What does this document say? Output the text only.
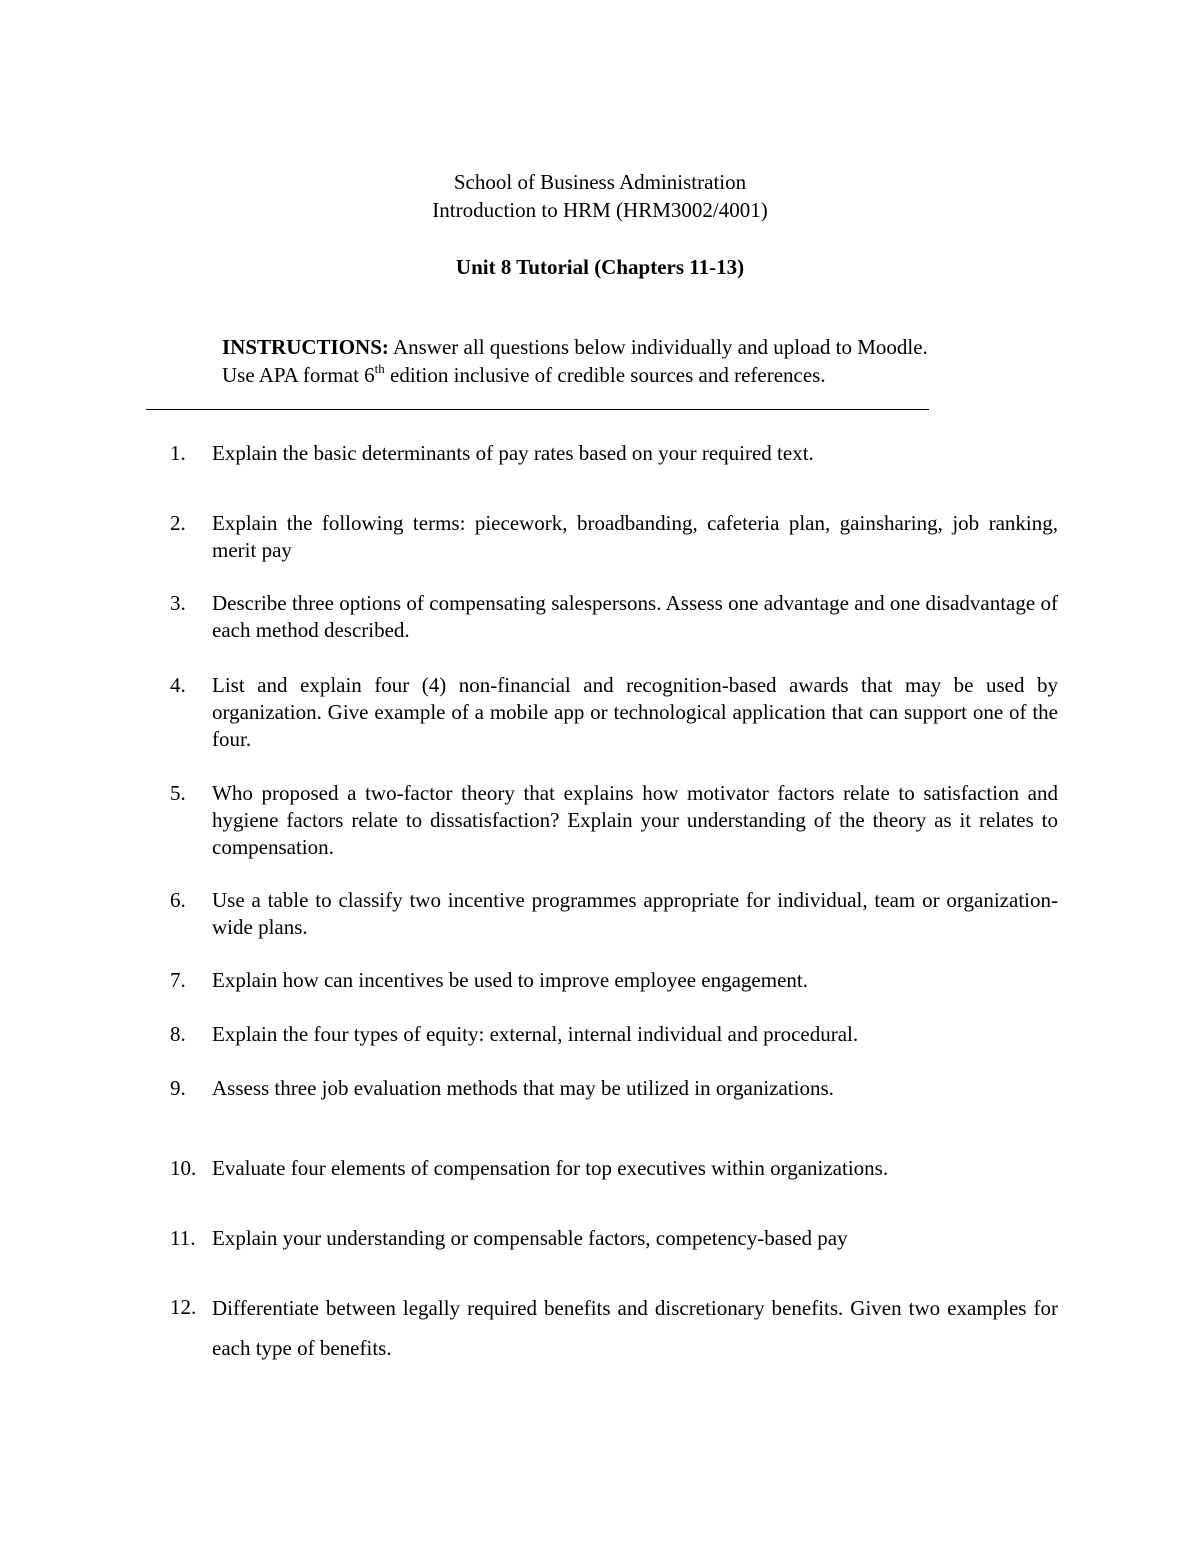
School of Business Administration
Introduction to HRM (HRM3002/4001)
Unit 8 Tutorial (Chapters 11-13)
INSTRUCTIONS: Answer all questions below individually and upload to Moodle.
Use APA format 6th edition inclusive of credible sources and references.
1. Explain the basic determinants of pay rates based on your required text.
2. Explain the following terms: piecework, broadbanding, cafeteria plan, gainsharing, job ranking, merit pay
3. Describe three options of compensating salespersons. Assess one advantage and one disadvantage of each method described.
4. List and explain four (4) non-financial and recognition-based awards that may be used by organization. Give example of a mobile app or technological application that can support one of the four.
5. Who proposed a two-factor theory that explains how motivator factors relate to satisfaction and hygiene factors relate to dissatisfaction? Explain your understanding of the theory as it relates to compensation.
6. Use a table to classify two incentive programmes appropriate for individual, team or organization-wide plans.
7. Explain how can incentives be used to improve employee engagement.
8. Explain the four types of equity: external, internal individual and procedural.
9. Assess three job evaluation methods that may be utilized in organizations.
10. Evaluate four elements of compensation for top executives within organizations.
11. Explain your understanding or compensable factors, competency-based pay
12. Differentiate between legally required benefits and discretionary benefits. Given two examples for each type of benefits.
